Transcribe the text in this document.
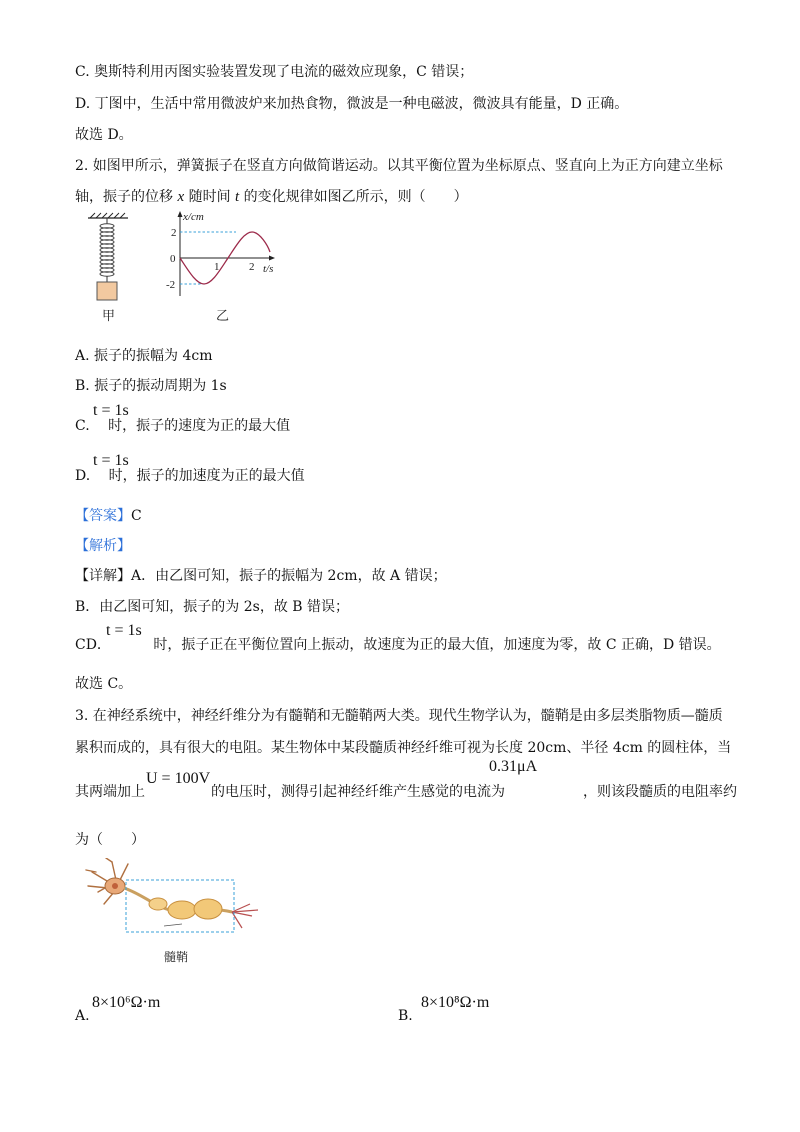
C. 奥斯特利用丙图实验装置发现了电流的磁效应现象，C 错误；
D. 丁图中，生活中常用微波炉来加热食物，微波是一种电磁波，微波具有能量，D 正确。
故选 D。
2. 如图甲所示，弹簧振子在竖直方向做简谐运动。以其平衡位置为坐标原点、竖直向上为正方向建立坐标
轴，振子的位移 x 随时间 t 的变化规律如图乙所示，则（　　）
甲
x/cm
2
0
-2
1	2 t/s
乙
A. 振子的振幅为 4cm
B. 振子的振动周期为 1s
C. 时，振子的速度为正的最大值
t = 1s
D. 时，振子的加速度为正的最大值
t = 1s
【答案】C
【解析】
【详解】A．由乙图可知，振子的振幅为 2cm，故 A 错误；
B．由乙图可知，振子的为 2s，故 B 错误；
CD．	时，振子正在平衡位置向上振动，故速度为正的最大值，加速度为零，故 C 正确，D 错误。
t = 1s
故选 C。
3. 在神经系统中，神经纤维分为有髓鞘和无髓鞘两大类。现代生物学认为，髓鞘是由多层类脂物质—髓质
累积而成的，具有很大的电阻。某生物体中某段髓质神经纤维可视为长度 20cm、半径 4cm 的圆柱体，当
其两端加上	的电压时，测得引起神经纤维产生感觉的电流为	，则该段髓质的电阻率约
U = 100V
0.31μA
为（　　）
髓鞘
A.
8×10⁶Ω·m
B.
8×10⁸Ω·m
